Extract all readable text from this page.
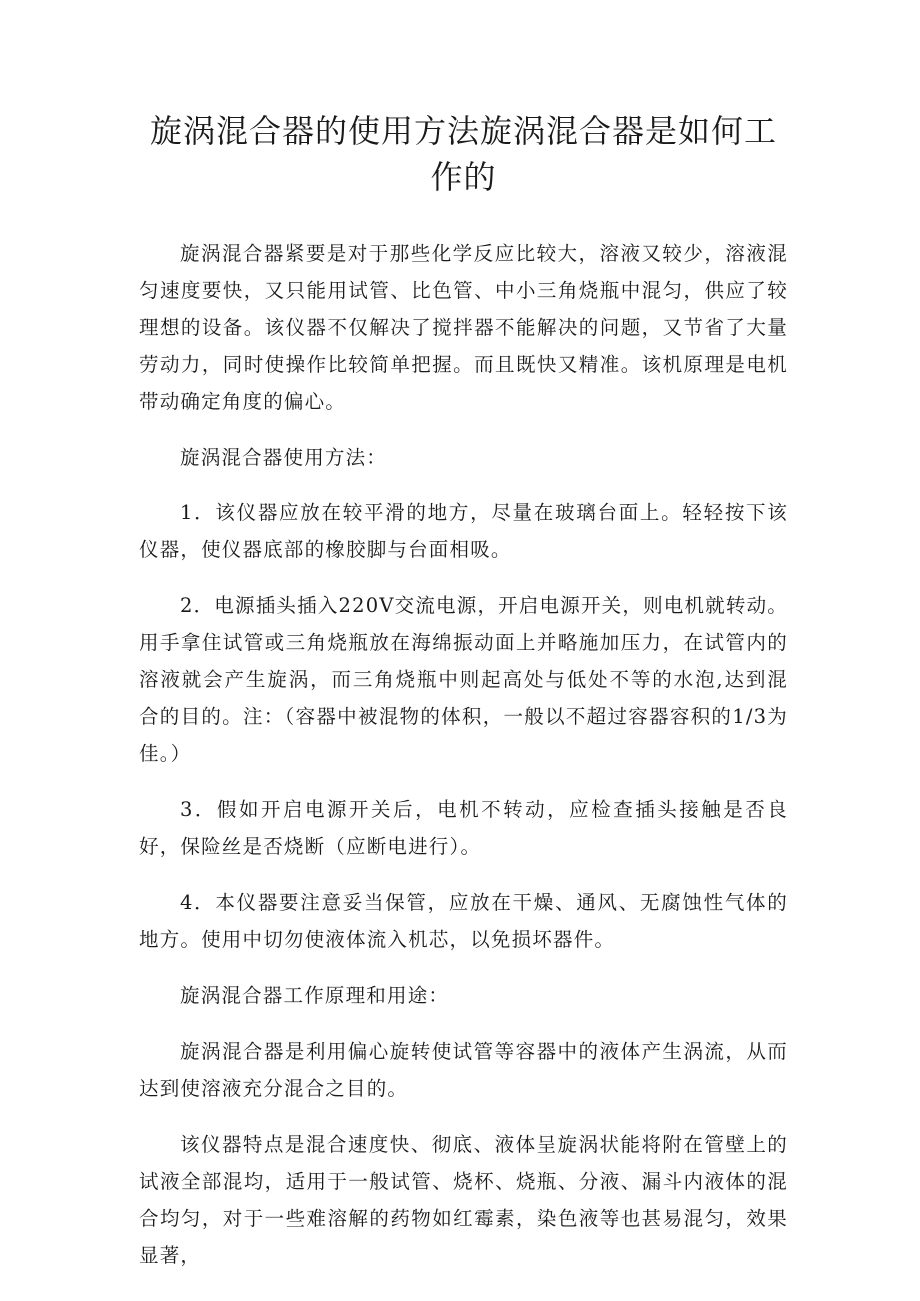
旋涡混合器的使用方法旋涡混合器是如何工作的

旋涡混合器紧要是对于那些化学反应比较大，溶液又较少，溶液混匀速度要快，又只能用试管、比色管、中小三角烧瓶中混匀，供应了较理想的设备。该仪器不仅解决了搅拌器不能解决的问题，又节省了大量劳动力，同时使操作比较简单把握。而且既快又精准。该机原理是电机带动确定角度的偏心。

旋涡混合器使用方法：

1．该仪器应放在较平滑的地方，尽量在玻璃台面上。轻轻按下该仪器，使仪器底部的橡胶脚与台面相吸。

2．电源插头插入220V交流电源，开启电源开关，则电机就转动。用手拿住试管或三角烧瓶放在海绵振动面上并略施加压力，在试管内的溶液就会产生旋涡，而三角烧瓶中则起高处与低处不等的水泡,达到混合的目的。注：（容器中被混物的体积，一般以不超过容器容积的1/3为佳。）

3．假如开启电源开关后，电机不转动，应检查插头接触是否良好，保险丝是否烧断（应断电进行）。

4．本仪器要注意妥当保管，应放在干燥、通风、无腐蚀性气体的地方。使用中切勿使液体流入机芯，以免损坏器件。

旋涡混合器工作原理和用途：

旋涡混合器是利用偏心旋转使试管等容器中的液体产生涡流，从而达到使溶液充分混合之目的。

该仪器特点是混合速度快、彻底、液体呈旋涡状能将附在管壁上的试液全部混均，适用于一般试管、烧杯、烧瓶、分液、漏斗内液体的混合均匀，对于一些难溶解的药物如红霉素，染色液等也甚易混匀，效果显著，
